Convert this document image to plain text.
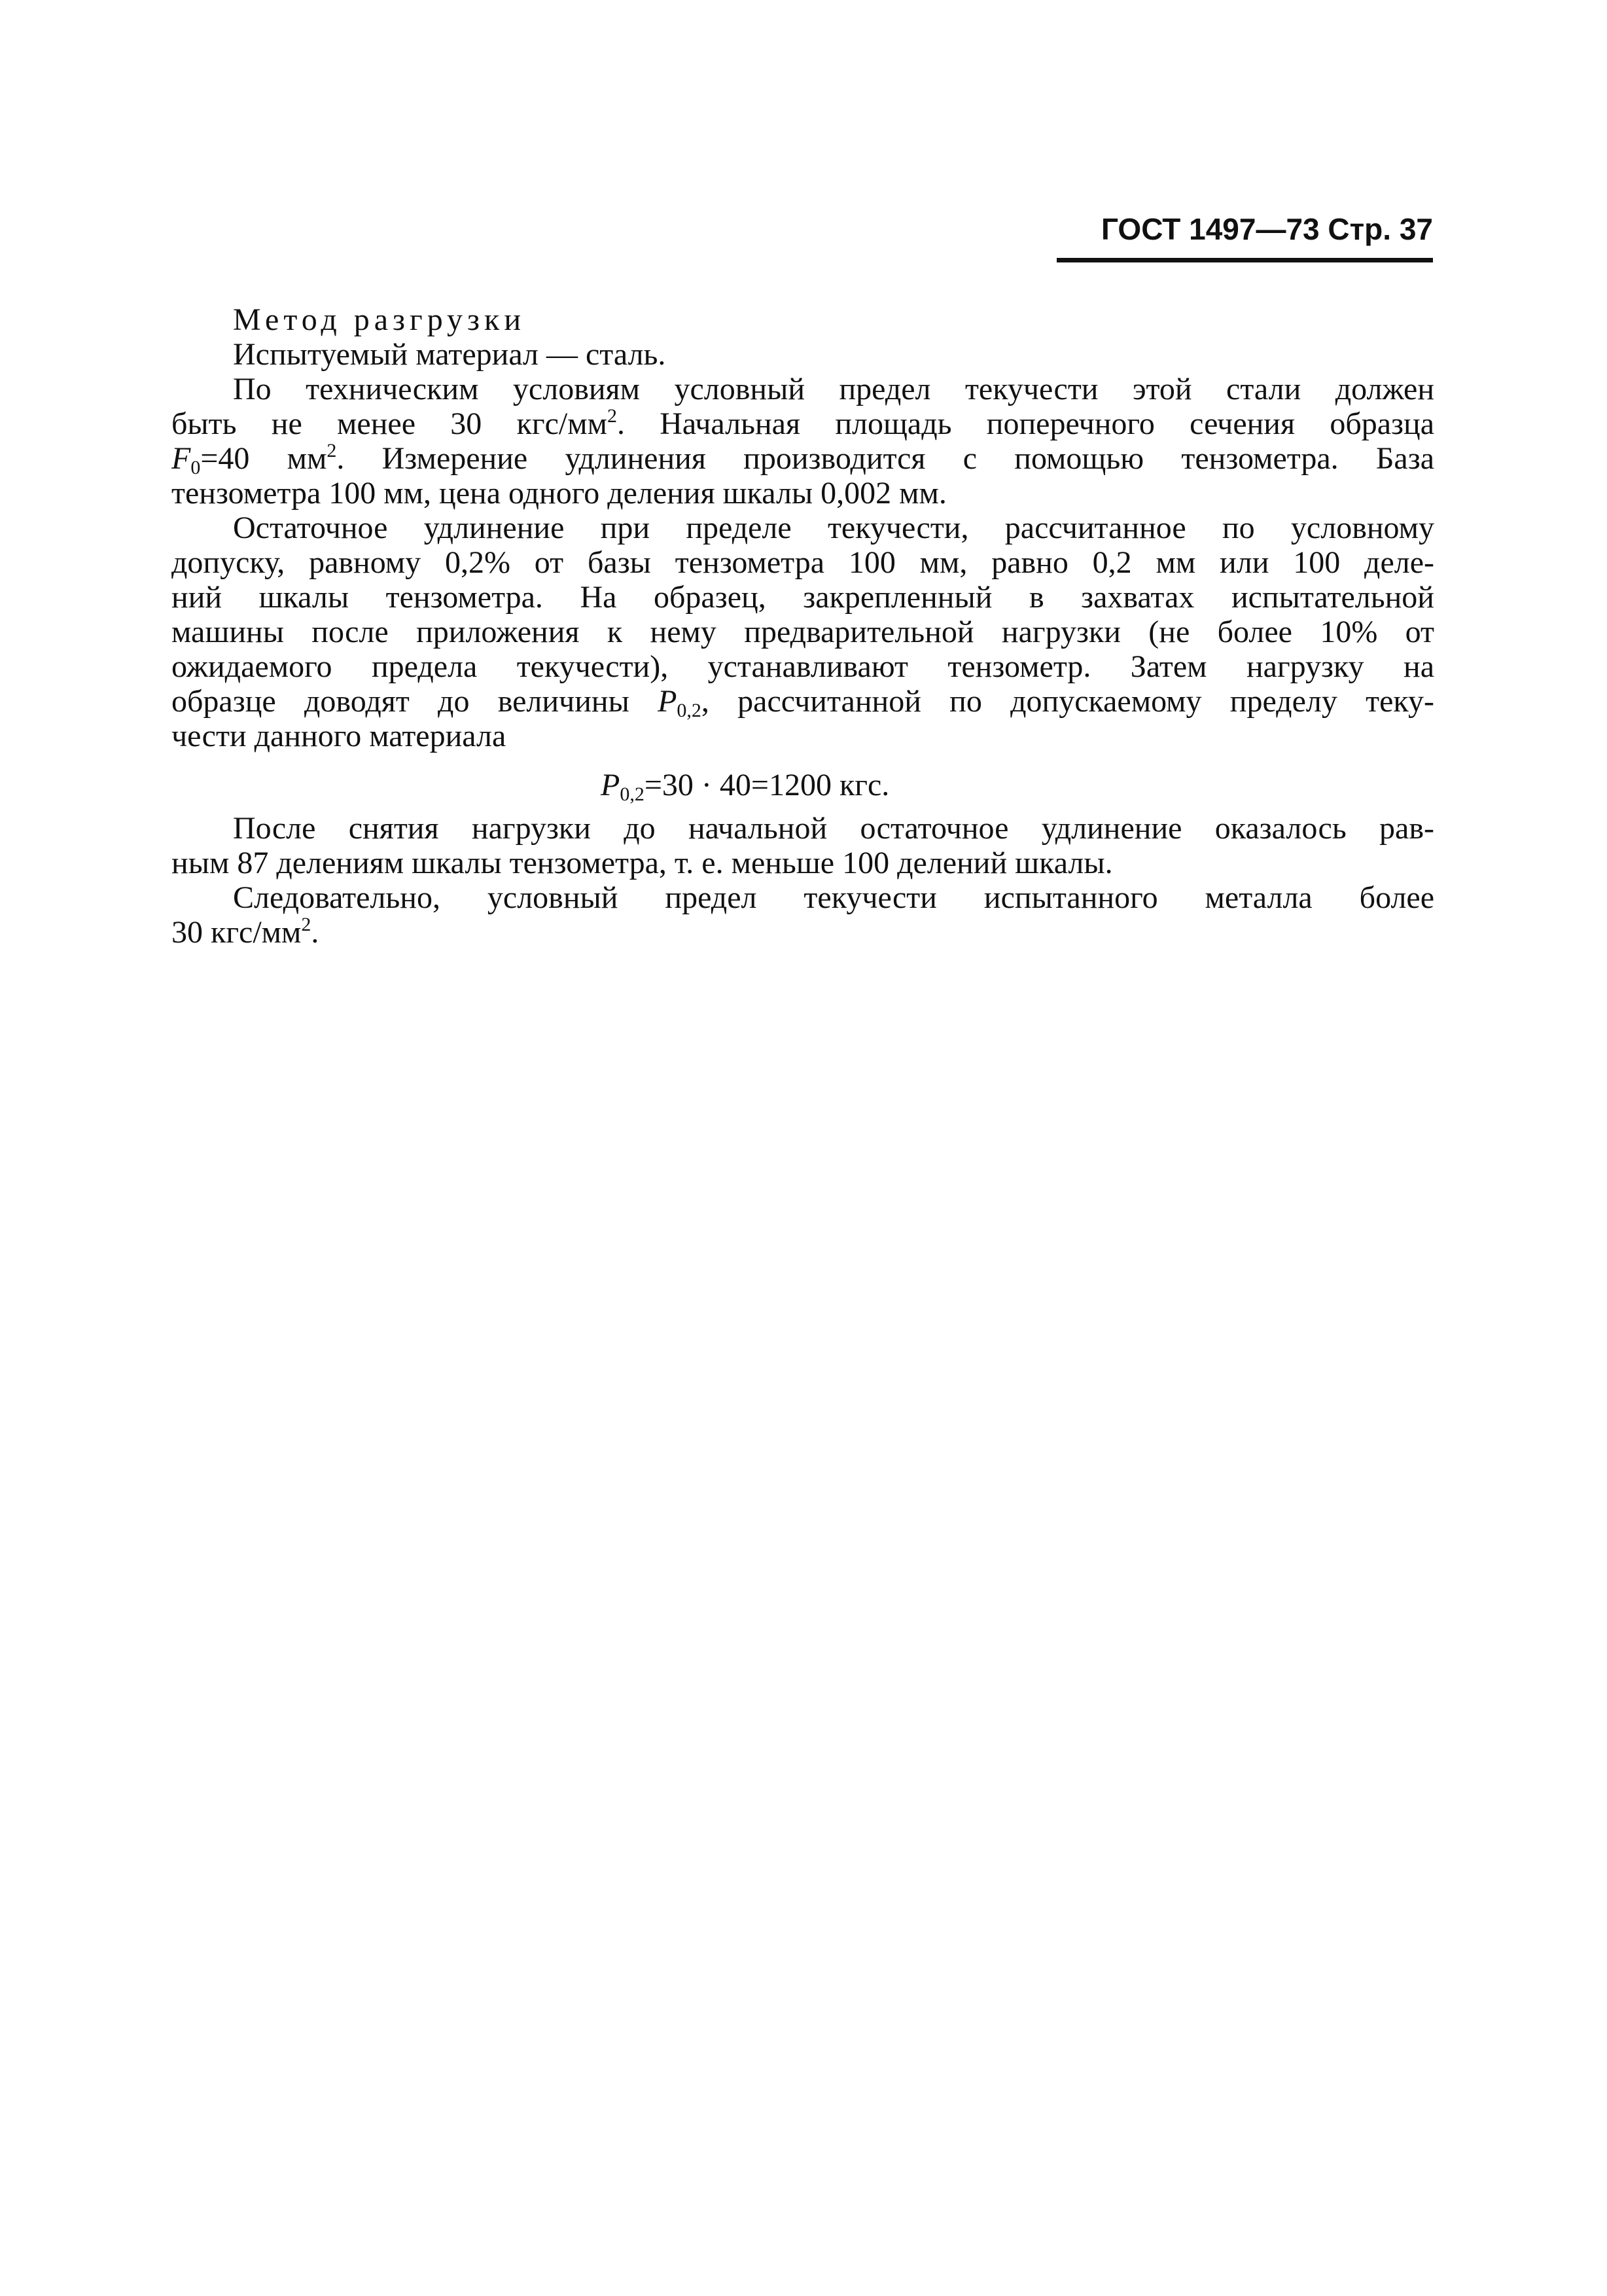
ГОСТ 1497—73 Стр. 37
Метод разгрузки
Испытуемый материал — сталь.
По техническим условиям условный предел текучести этой стали должен
быть не менее 30 кгс/$мм^2$. Начальная площадь поперечного сечения образца
$F_0=40$ $мм^2$. Измерение удлинения производится с помощью тензометра. База
тензометра 100 мм, цена одного деления шкалы 0,002 мм.
Остаточное удлинение при пределе текучести, рассчитанное по условному
допуску, равному 0,2% от базы тензометра 100 мм, равно 0,2 мм или 100 делe-
ний шкалы тензометра. На образец, закрепленный в захватах испытательной
машины после приложения к нему предварительной нагрузки (не более 10% от
ожидаемого предела текучести), устанавливают тензометр. Затем нагрузку на
образце доводят до величины $P_{0,2}$, рассчитанной по допускаемому пределу теку-
чести данного материала
$P_{0,2}=30 \cdot 40=1200$ кгс.
После снятия нагрузки до начальной остаточное удлинение оказалось рав-
ным 87 делениям шкалы тензометра, т. е. меньше 100 делений шкалы.
Следовательно, условный предел текучести испытанного металла более
30 кгс/$мм^2$.
